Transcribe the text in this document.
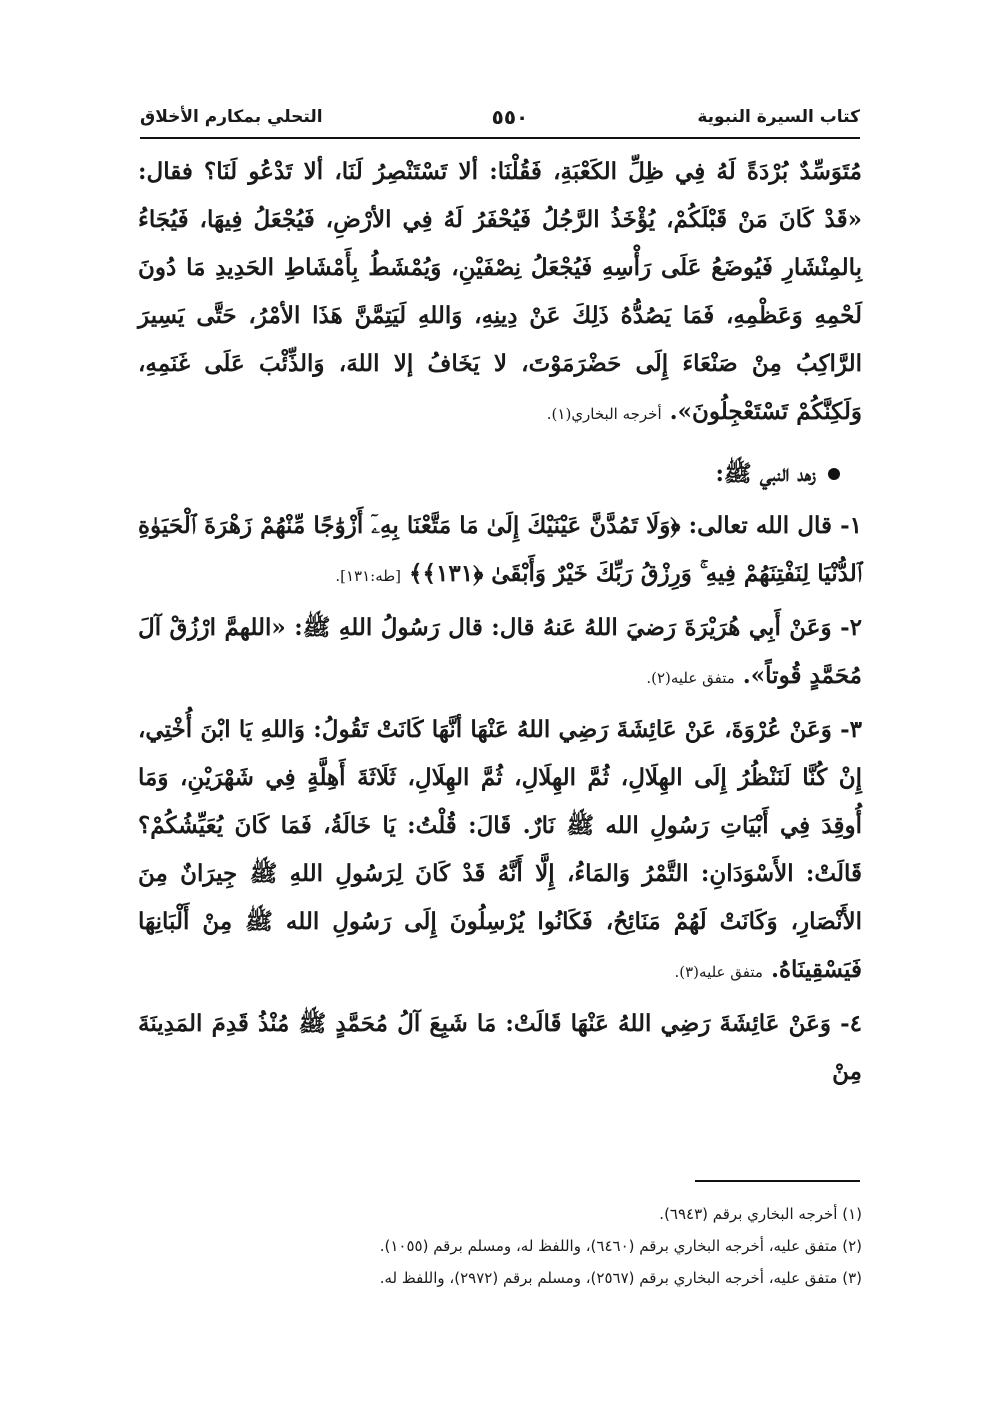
كتاب السيرة النبوية
٥٥٠
التحلي بمكارم الأخلاق

مُتَوَسِّدٌ بُرْدَةً لَهُ فِي ظِلِّ الكَعْبَةِ، فَقُلْنَا: ألا تَسْتَنْصِرُ لَنَا، ألا تَدْعُو لَنَا؟ فقال: «قَدْ كَانَ مَنْ قَبْلَكُمْ، يُؤْخَذُ الرَّجُلُ فَيُحْفَرُ لَهُ فِي الأرْضِ، فَيُجْعَلُ فِيهَا، فَيُجَاءُ بِالمِنْشَارِ فَيُوضَعُ عَلَى رَأْسِهِ فَيُجْعَلُ نِصْفَيْنِ، وَيُمْشَطُ بِأَمْشَاطِ الحَدِيدِ مَا دُونَ لَحْمِهِ وَعَظْمِهِ، فَمَا يَصُدُّهُ ذَلِكَ عَنْ دِينِهِ، وَاللهِ لَيَتِمَّنَّ هَذَا الأمْرُ، حَتَّى يَسِيرَ الرَّاكِبُ مِنْ صَنْعَاءَ إِلَى حَضْرَمَوْتَ، لا يَخَافُ إلا اللهَ، وَالذِّئْبَ عَلَى غَنَمِهِ، وَلَكِنَّكُمْ تَسْتَعْجِلُونَ». أخرجه البخاري(١).

زهد النبي ﷺ:

١- قال الله تعالى: ﴿وَلَا تَمُدَّنَّ عَيْنَيْكَ إِلَىٰ مَا مَتَّعْنَا بِهِۦٓ أَزْوَٰجًا مِّنْهُمْ زَهْرَةَ ٱلْحَيَوٰةِ ٱلدُّنْيَا لِنَفْتِنَهُمْ فِيهِ ۚ وَرِزْقُ رَبِّكَ خَيْرٌ وَأَبْقَىٰ ﴿١٣١﴾﴾ [طه:١٣١].

٢- وَعَنْ أَبِي هُرَيْرَةَ رَضيَ اللهُ عَنهُ قال: قال رَسُولُ اللهِ ﷺ: «اللهمَّ ارْزُقْ آلَ مُحَمَّدٍ قُوتاً». متفق عليه(٢).

٣- وَعَنْ عُرْوَةَ، عَنْ عَائِشَةَ رَضِي اللهُ عَنْهَا أنَّهَا كَانَتْ تَقُولُ: وَاللهِ يَا ابْنَ أُخْتِي، إِنْ كُنَّا لَنَنْظُرُ إِلَى الهِلَالِ، ثُمَّ الهِلَالِ، ثُمَّ الهِلَالِ، ثَلَاثَةَ أَهِلَّةٍ فِي شَهْرَيْنِ، وَمَا أُوقِدَ فِي أَبْيَاتِ رَسُولِ الله ﷺ نَارٌ. قَالَ: قُلْتُ: يَا خَالَةُ، فَمَا كَانَ يُعَيِّشُكُمْ؟ قَالَتْ: الأَسْوَدَانِ: التَّمْرُ وَالمَاءُ، إِلَّا أَنَّهُ قَدْ كَانَ لِرَسُولِ اللهِ ﷺ جِيرَانٌ مِنَ الأَنْصَارِ، وَكَانَتْ لَهُمْ مَنَائِحُ، فَكَانُوا يُرْسِلُونَ إِلَى رَسُولِ الله ﷺ مِنْ أَلْبَانِهَا فَيَسْقِينَاهُ. متفق عليه(٣).

٤- وَعَنْ عَائِشَةَ رَضِي اللهُ عَنْهَا قَالَتْ: مَا شَبِعَ آلُ مُحَمَّدٍ ﷺ مُنْذُ قَدِمَ المَدِينَةَ مِنْ

(١) أخرجه البخاري برقم (٦٩٤٣).
(٢) متفق عليه، أخرجه البخاري برقم (٦٤٦٠)، واللفظ له، ومسلم برقم (١٠٥٥).
(٣) متفق عليه، أخرجه البخاري برقم (٢٥٦٧)، ومسلم برقم (٢٩٧٢)، واللفظ له.
